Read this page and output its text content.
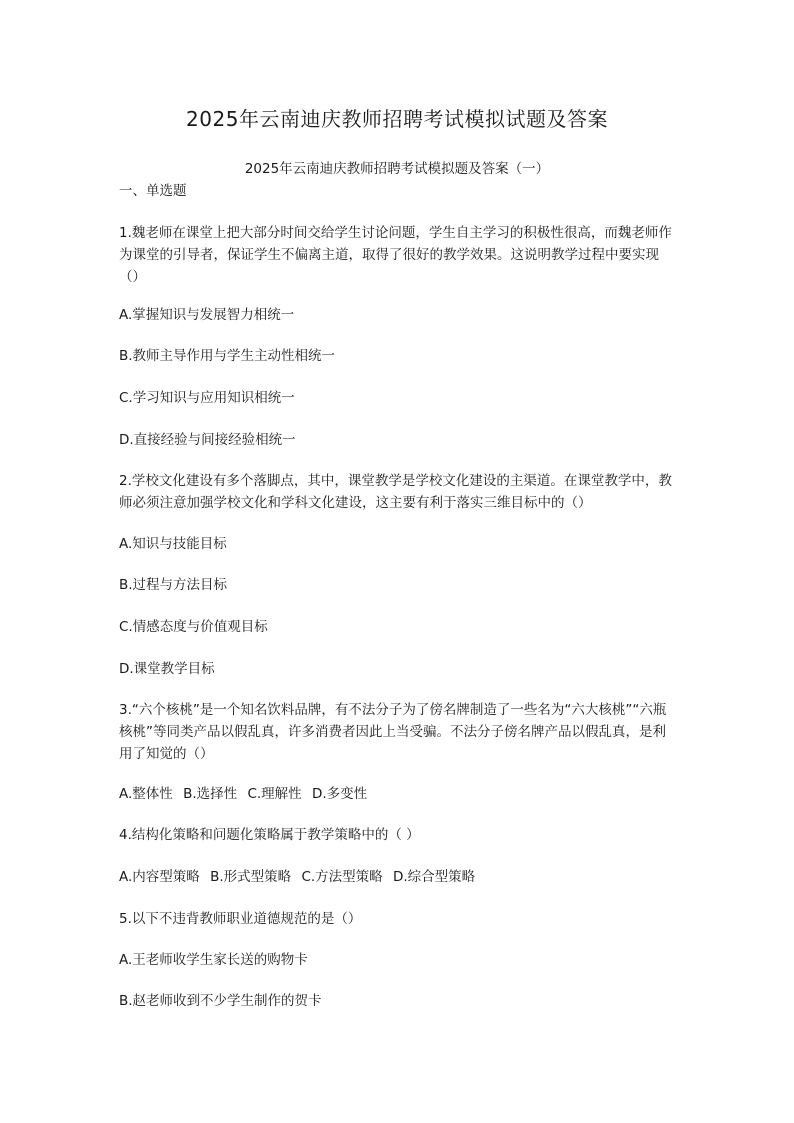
2025年云南迪庆教师招聘考试模拟试题及答案
2025年云南迪庆教师招聘考试模拟题及答案（一）
一、单选题
1.魏老师在课堂上把大部分时间交给学生讨论问题，学生自主学习的积极性很高，而魏老师作为课堂的引导者，保证学生不偏离主道，取得了很好的教学效果。这说明教学过程中要实现（）
A.掌握知识与发展智力相统一
B.教师主导作用与学生主动性相统一
C.学习知识与应用知识相统一
D.直接经验与间接经验相统一
2.学校文化建设有多个落脚点，其中，课堂教学是学校文化建设的主渠道。在课堂教学中，教师必须注意加强学校文化和学科文化建设，这主要有利于落实三维目标中的（）
A.知识与技能目标
B.过程与方法目标
C.情感态度与价值观目标
D.课堂教学目标
3.“六个核桃”是一个知名饮料品牌，有不法分子为了傍名牌制造了一些名为“六大核桃”“六瓶核桃”等同类产品以假乱真，许多消费者因此上当受骗。不法分子傍名牌产品以假乱真，是利用了知觉的（）
A.整体性 B.选择性 C.理解性 D.多变性
4.结构化策略和问题化策略属于教学策略中的（ ）
A.内容型策略 B.形式型策略 C.方法型策略 D.综合型策略
5.以下不违背教师职业道德规范的是（）
A.王老师收学生家长送的购物卡
B.赵老师收到不少学生制作的贺卡
